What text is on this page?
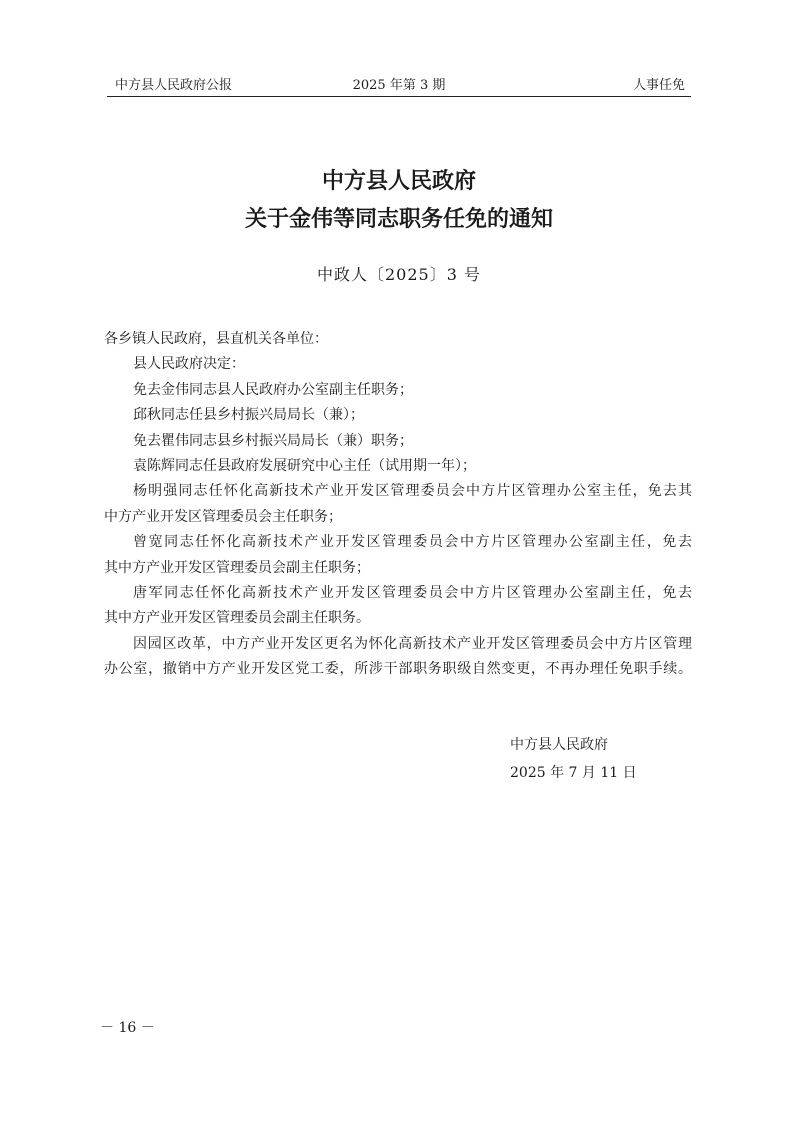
2025 年第 3 期
中方县人民政府公报	人事任免
中方县人民政府
关于金伟等同志职务任免的通知
中政人〔2025〕3 号
各乡镇人民政府，县直机关各单位：
县人民政府决定：
免去金伟同志县人民政府办公室副主任职务；
邱秋同志任县乡村振兴局局长（兼）；
免去瞿伟同志县乡村振兴局局长（兼）职务；
袁陈辉同志任县政府发展研究中心主任（试用期一年）；
杨明强同志任怀化高新技术产业开发区管理委员会中方片区管理办公室主任，免去其
中方产业开发区管理委员会主任职务；
曾宽同志任怀化高新技术产业开发区管理委员会中方片区管理办公室副主任，免去
其中方产业开发区管理委员会副主任职务；
唐军同志任怀化高新技术产业开发区管理委员会中方片区管理办公室副主任，免去
其中方产业开发区管理委员会副主任职务。
因园区改革，中方产业开发区更名为怀化高新技术产业开发区管理委员会中方片区管理
办公室，撤销中方产业开发区党工委，所涉干部职务职级自然变更，不再办理任免职手续。
中方县人民政府
2025 年 7 月 11 日
－ 16 －
